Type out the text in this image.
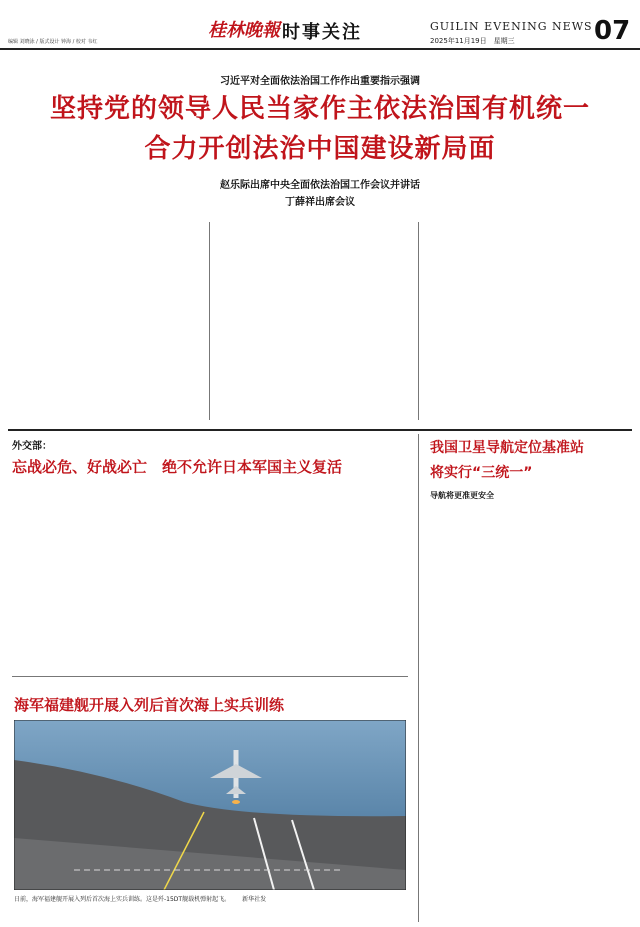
编辑 刘晓泳 / 版式设计 钟海 / 校对 韦红
桂林晚報 时事关注	GUILIN EVENING NEWS
2025年11月19日　星期三	07
习近平对全面依法治国工作作出重要指示强调
坚持党的领导人民当家作主依法治国有机统一
合力开创法治中国建设新局面
赵乐际出席中央全面依法治国工作会议并讲话
丁薛祥出席会议

外交部：
忘战必危、好战必亡　绝不允许日本军国主义复活

海军福建舰开展入列后首次海上实兵训练
日前，海军福建舰开展入列后首次海上实兵训练。这是歼-15DT舰载机弹射起飞。 新华社发
我国卫星导航定位基准站
将实行“三统一”
导航将更准更安全
